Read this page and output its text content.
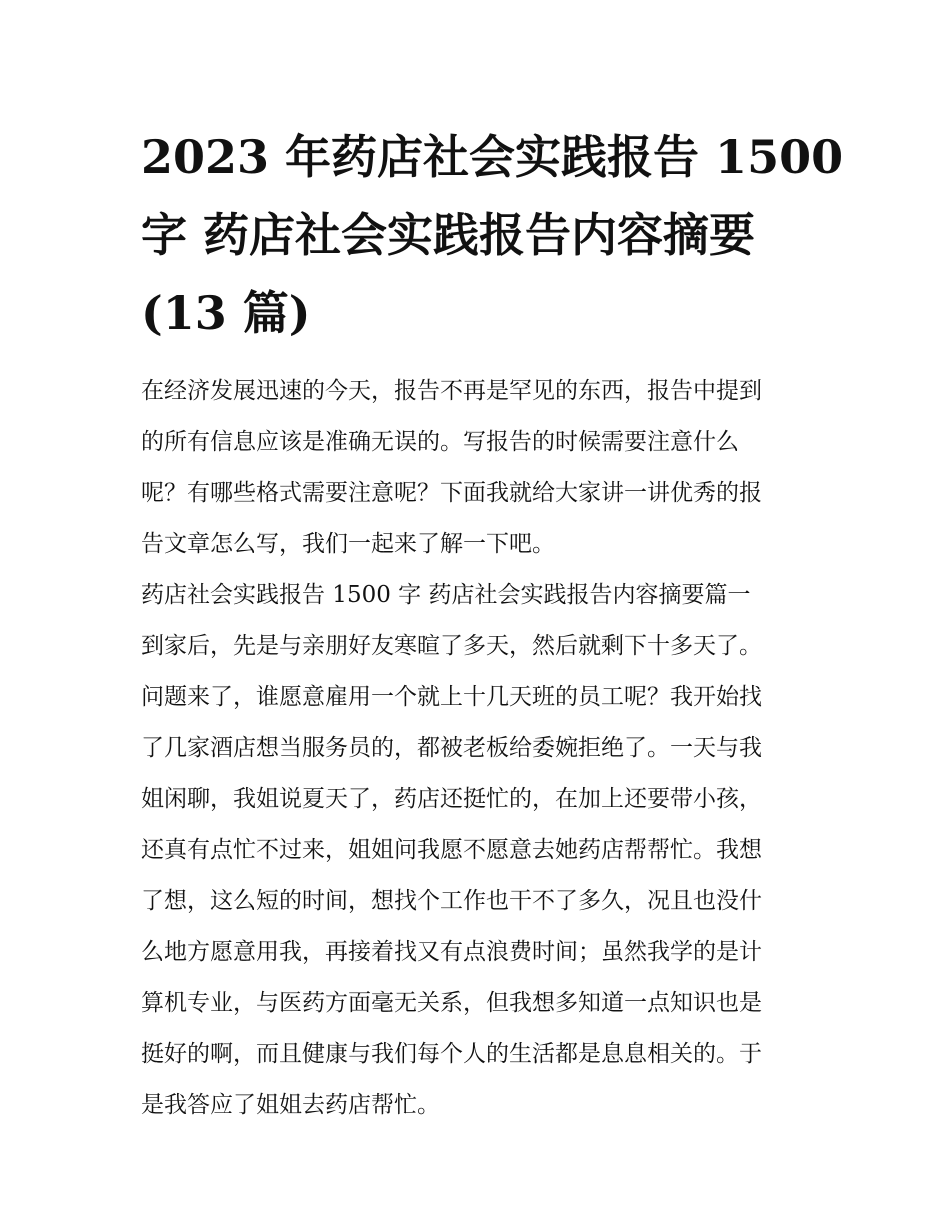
2023 年药店社会实践报告 1500
字 药店社会实践报告内容摘要
(13 篇)

在经济发展迅速的今天，报告不再是罕见的东西，报告中提到
的所有信息应该是准确无误的。写报告的时候需要注意什么
呢？有哪些格式需要注意呢？下面我就给大家讲一讲优秀的报
告文章怎么写，我们一起来了解一下吧。

药店社会实践报告 1500 字 药店社会实践报告内容摘要篇一

到家后，先是与亲朋好友寒暄了多天，然后就剩下十多天了。
问题来了，谁愿意雇用一个就上十几天班的员工呢？我开始找
了几家酒店想当服务员的，都被老板给委婉拒绝了。一天与我
姐闲聊，我姐说夏天了，药店还挺忙的，在加上还要带小孩，
还真有点忙不过来，姐姐问我愿不愿意去她药店帮帮忙。我想
了想，这么短的时间，想找个工作也干不了多久，况且也没什
么地方愿意用我，再接着找又有点浪费时间；虽然我学的是计
算机专业，与医药方面毫无关系，但我想多知道一点知识也是
挺好的啊，而且健康与我们每个人的生活都是息息相关的。于
是我答应了姐姐去药店帮忙。
